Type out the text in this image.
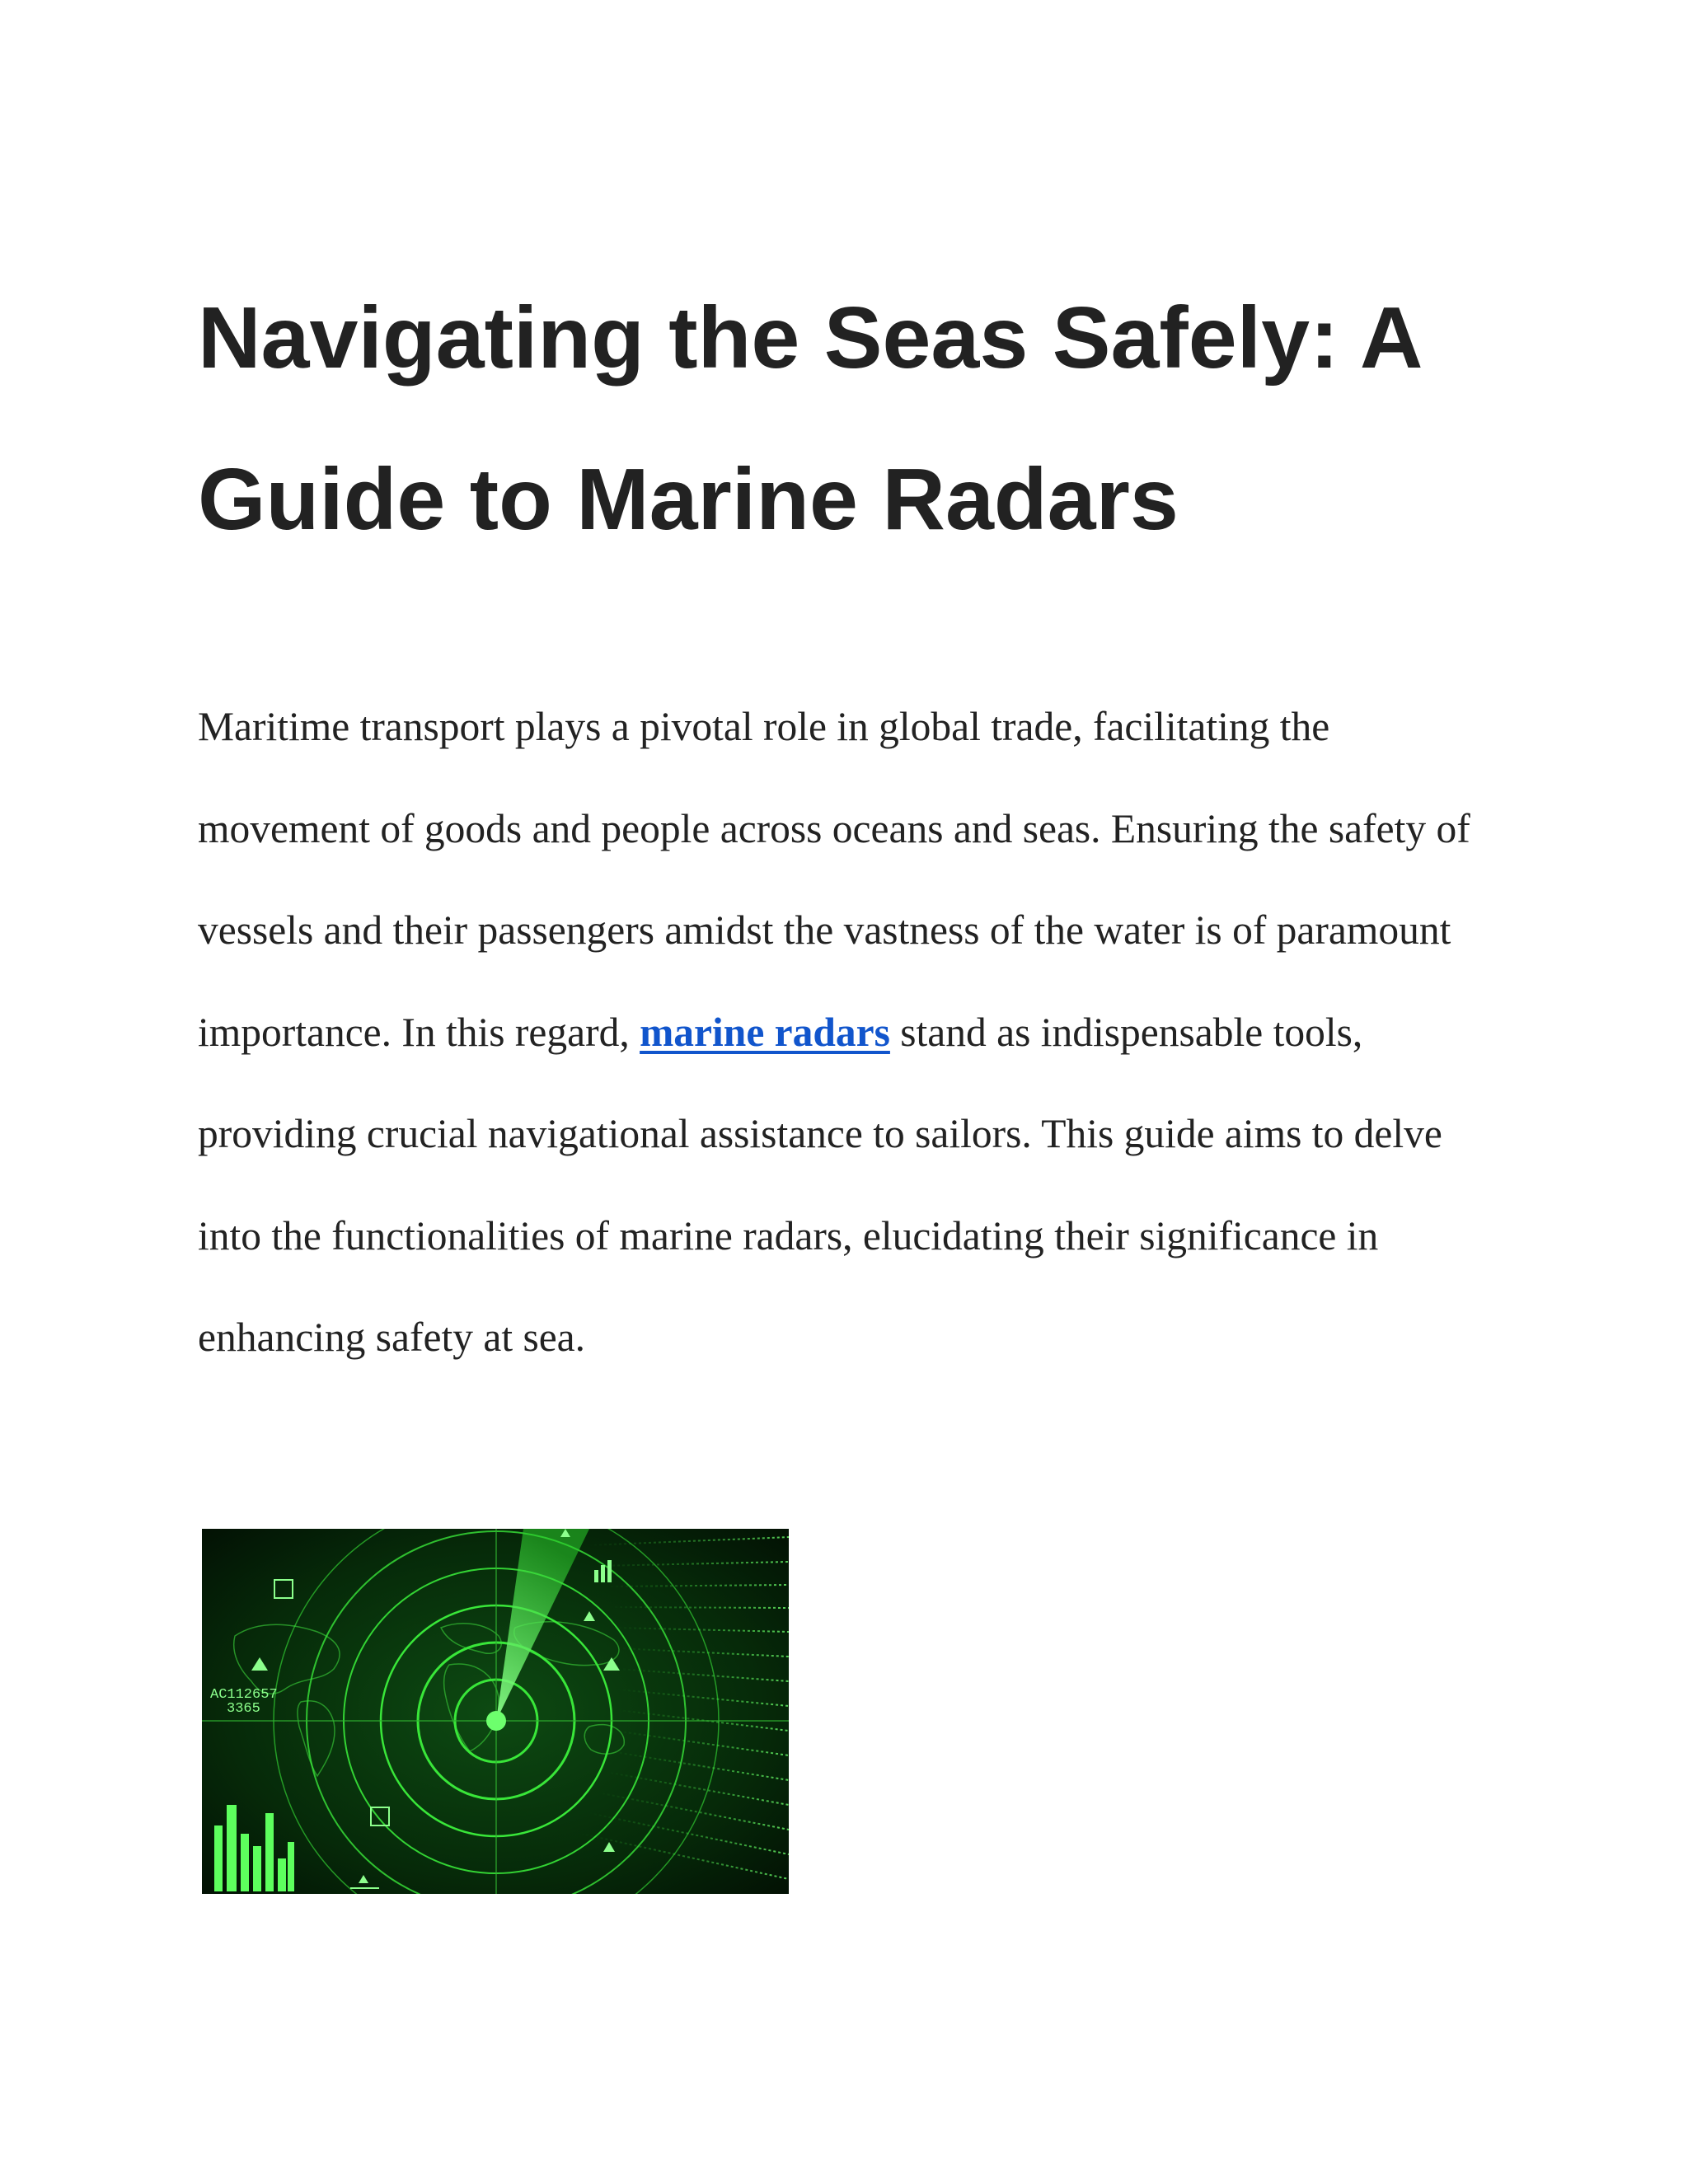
Navigating the Seas Safely: A Guide to Marine Radars

Maritime transport plays a pivotal role in global trade, facilitating the movement of goods and people across oceans and seas. Ensuring the safety of vessels and their passengers amidst the vastness of the water is of paramount importance. In this regard, marine radars stand as indispensable tools, providing crucial navigational assistance to sailors. This guide aims to delve into the functionalities of marine radars, elucidating their significance in enhancing safety at sea.

AC112657
3365
